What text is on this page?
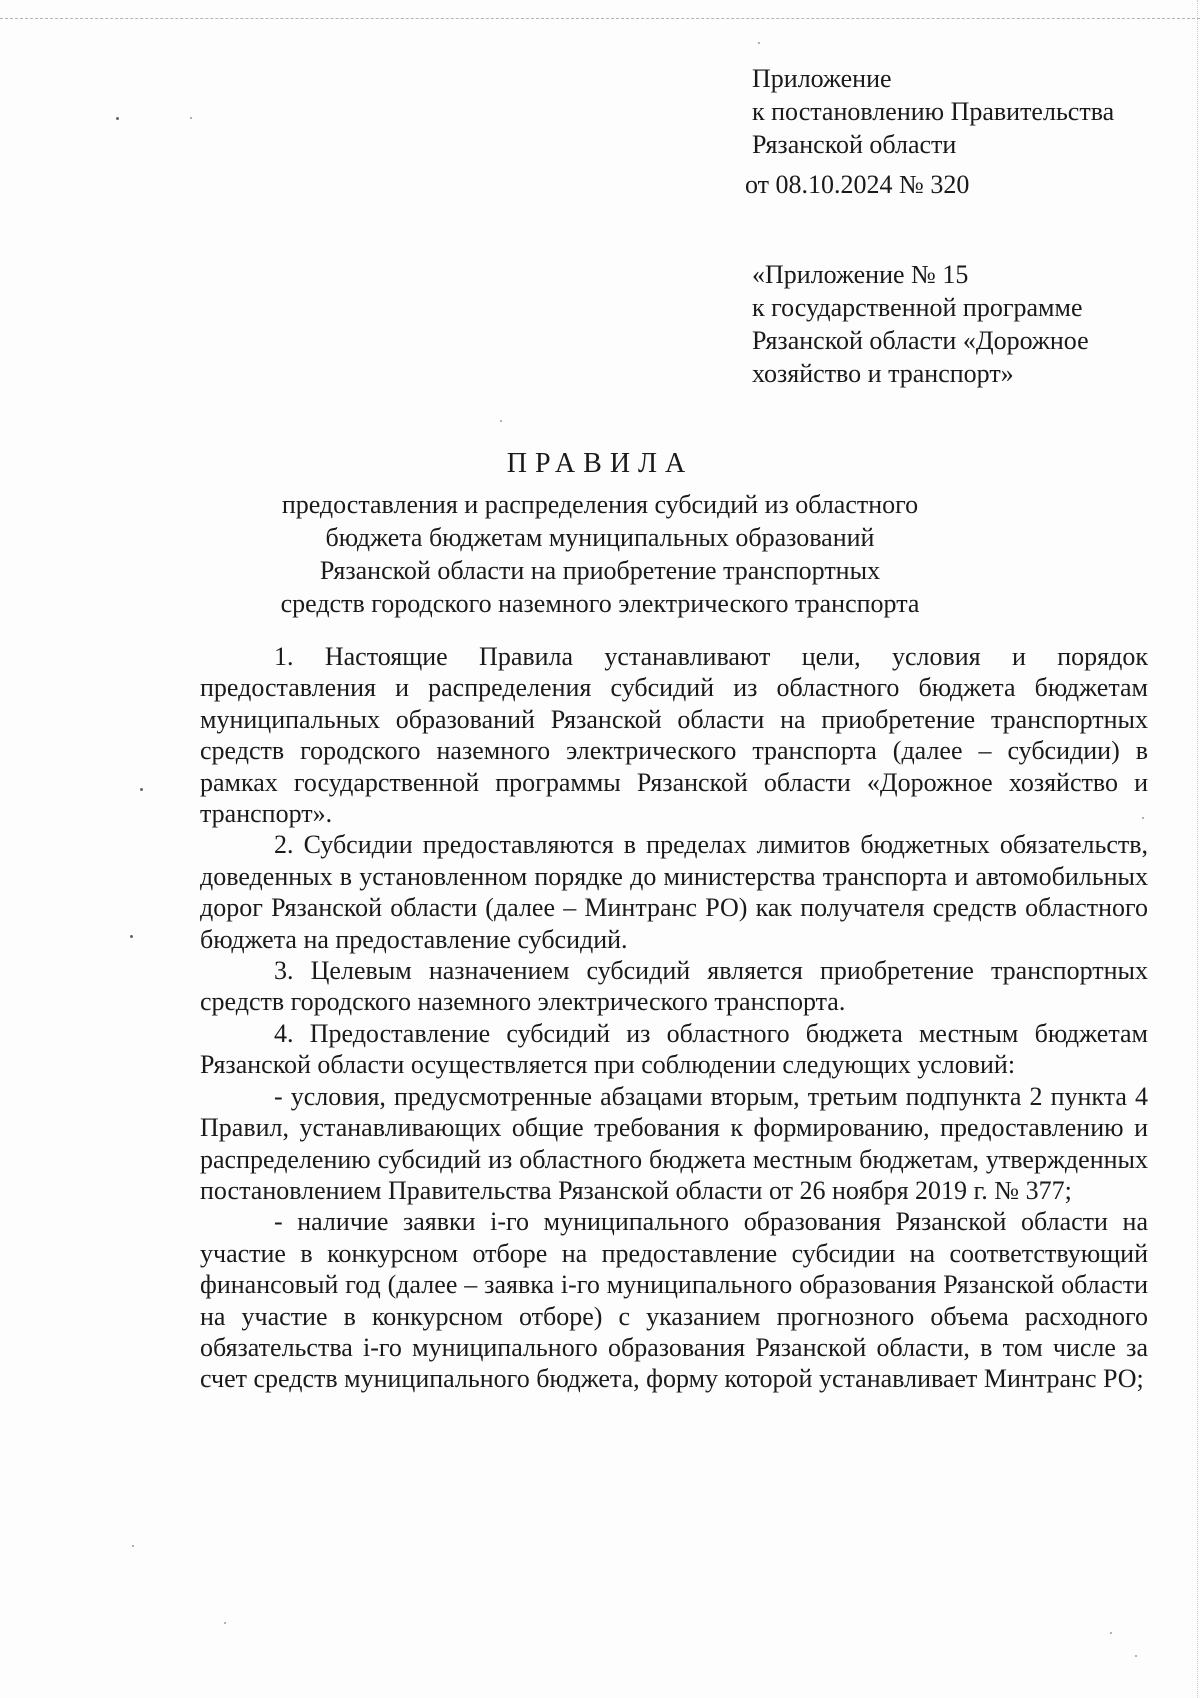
Приложение
к постановлению Правительства
Рязанской области
от 08.10.2024 № 320
«Приложение № 15
к государственной программе
Рязанской области «Дорожное
хозяйство и транспорт»
ПРАВИЛА
предоставления и распределения субсидий из областного
бюджета бюджетам муниципальных образований
Рязанской области на приобретение транспортных
средств городского наземного электрического транспорта

1. Настоящие Правила устанавливают цели, условия и порядок предоставления и распределения субсидий из областного бюджета бюджетам муниципальных образований Рязанской области на приобретение транспортных средств городского наземного электрического транспорта (далее – субсидии) в рамках государственной программы Рязанской области «Дорожное хозяйство и транспорт».

2. Субсидии предоставляются в пределах лимитов бюджетных обязательств, доведенных в установленном порядке до министерства транспорта и автомобильных дорог Рязанской области (далее – Минтранс РО) как получателя средств областного бюджета на предоставление субсидий.

3. Целевым назначением субсидий является приобретение транспортных средств городского наземного электрического транспорта.

4. Предоставление субсидий из областного бюджета местным бюджетам Рязанской области осуществляется при соблюдении следующих условий:

- условия, предусмотренные абзацами вторым, третьим подпункта 2 пункта 4 Правил, устанавливающих общие требования к формированию, предоставлению и распределению субсидий из областного бюджета местным бюджетам, утвержденных постановлением Правительства Рязанской области от 26 ноября 2019 г. № 377;

- наличие заявки i-го муниципального образования Рязанской области на участие в конкурсном отборе на предоставление субсидии на соответствующий финансовый год (далее – заявка i-го муниципального образования Рязанской области на участие в конкурсном отборе) с указанием прогнозного объема расходного обязательства i-го муниципального образования Рязанской области, в том числе за счет средств муниципального бюджета, форму которой устанавливает Минтранс РО;
